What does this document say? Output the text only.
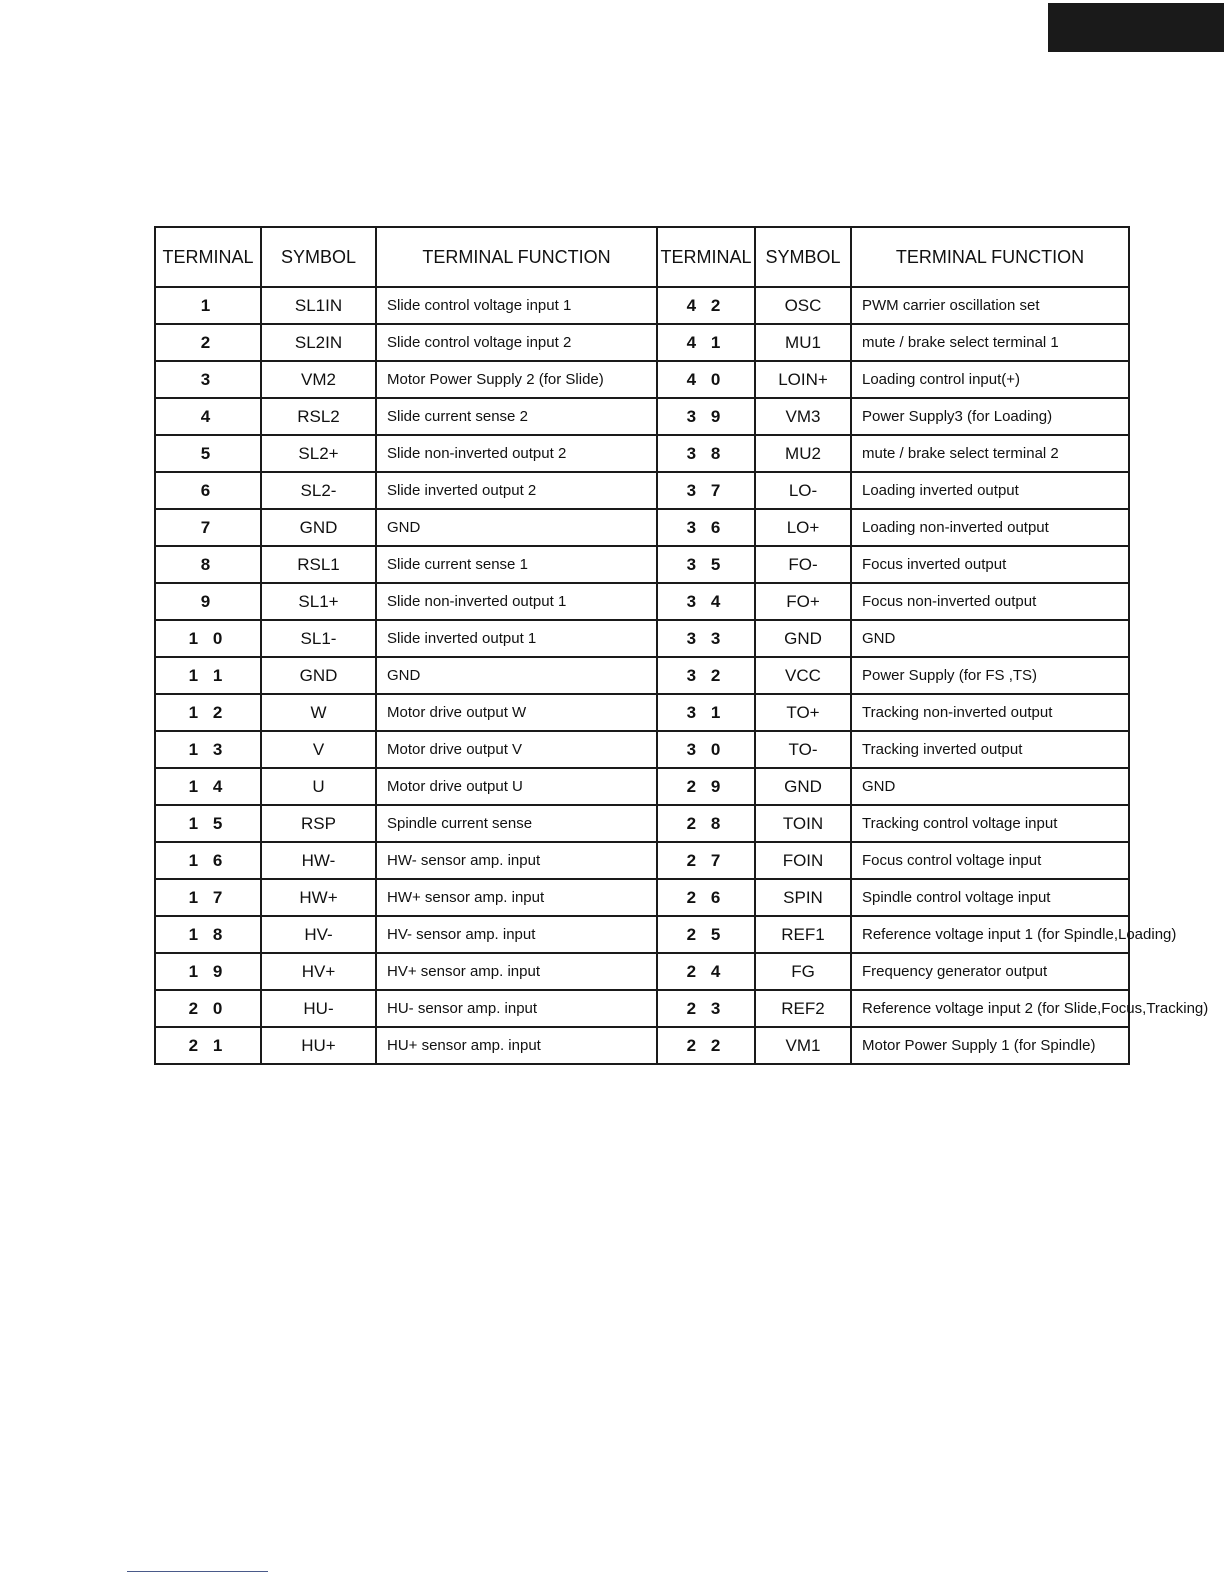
TERMINAL	SYMBOL	TERMINAL FUNCTION	TERMINAL	SYMBOL	TERMINAL FUNCTION
1	SL1IN	Slide control voltage input 1	4 2	OSC	PWM carrier oscillation set
2	SL2IN	Slide control voltage input 2	4 1	MU1	mute / brake select terminal 1
3	VM2	Motor Power Supply 2 (for Slide)	4 0	LOIN+	Loading control input(+)
4	RSL2	Slide current sense 2	3 9	VM3	Power Supply3 (for Loading)
5	SL2+	Slide non-inverted output 2	3 8	MU2	mute / brake select terminal 2
6	SL2-	Slide inverted output 2	3 7	LO-	Loading inverted output
7	GND	GND	3 6	LO+	Loading non-inverted output
8	RSL1	Slide current sense 1	3 5	FO-	Focus inverted output
9	SL1+	Slide non-inverted output 1	3 4	FO+	Focus non-inverted output
1 0	SL1-	Slide inverted output 1	3 3	GND	GND
1 1	GND	GND	3 2	VCC	Power Supply (for FS ,TS)
1 2	W	Motor drive output W	3 1	TO+	Tracking non-inverted output
1 3	V	Motor drive output V	3 0	TO-	Tracking inverted output
1 4	U	Motor drive output U	2 9	GND	GND
1 5	RSP	Spindle current sense	2 8	TOIN	Tracking control voltage input
1 6	HW-	HW- sensor amp. input	2 7	FOIN	Focus control voltage input
1 7	HW+	HW+ sensor amp. input	2 6	SPIN	Spindle control voltage input
1 8	HV-	HV- sensor amp. input	2 5	REF1	Reference voltage input 1 (for Spindle,Loading)
1 9	HV+	HV+ sensor amp. input	2 4	FG	Frequency generator output
2 0	HU-	HU- sensor amp. input	2 3	REF2	Reference voltage input 2 (for Slide,Focus,Tracking)
2 1	HU+	HU+ sensor amp. input	2 2	VM1	Motor Power Supply 1 (for Spindle)
